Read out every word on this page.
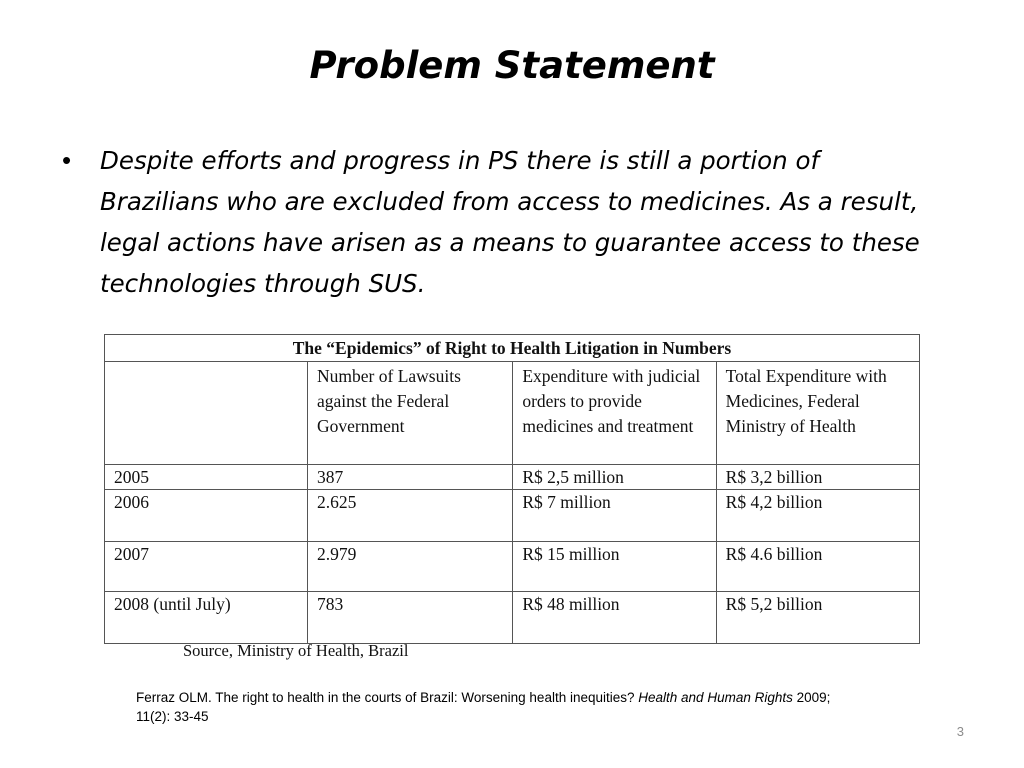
Problem Statement
• Despite efforts and progress in PS there is still a portion of Brazilians who are excluded from access to medicines. As a result, legal actions have arisen as a means to guarantee access to these technologies through SUS.
The “Epidemics” of Right to Health Litigation in Numbers			
	Number of Lawsuits against the Federal Government	Expenditure with judicial orders to provide medicines and treatment	Total Expenditure with Medicines, Federal Ministry of Health
2005	387	R$ 2,5 million	R$ 3,2 billion
2006	2.625	R$ 7 million	R$ 4,2 billion
2007	2.979	R$ 15 million	R$ 4.6 billion
2008 (until July)	783	R$ 48 million	R$ 5,2 billion
Source, Ministry of Health, Brazil
Ferraz OLM. The right to health in the courts of Brazil: Worsening health inequities? Health and Human Rights 2009; 11(2): 33-45
3
